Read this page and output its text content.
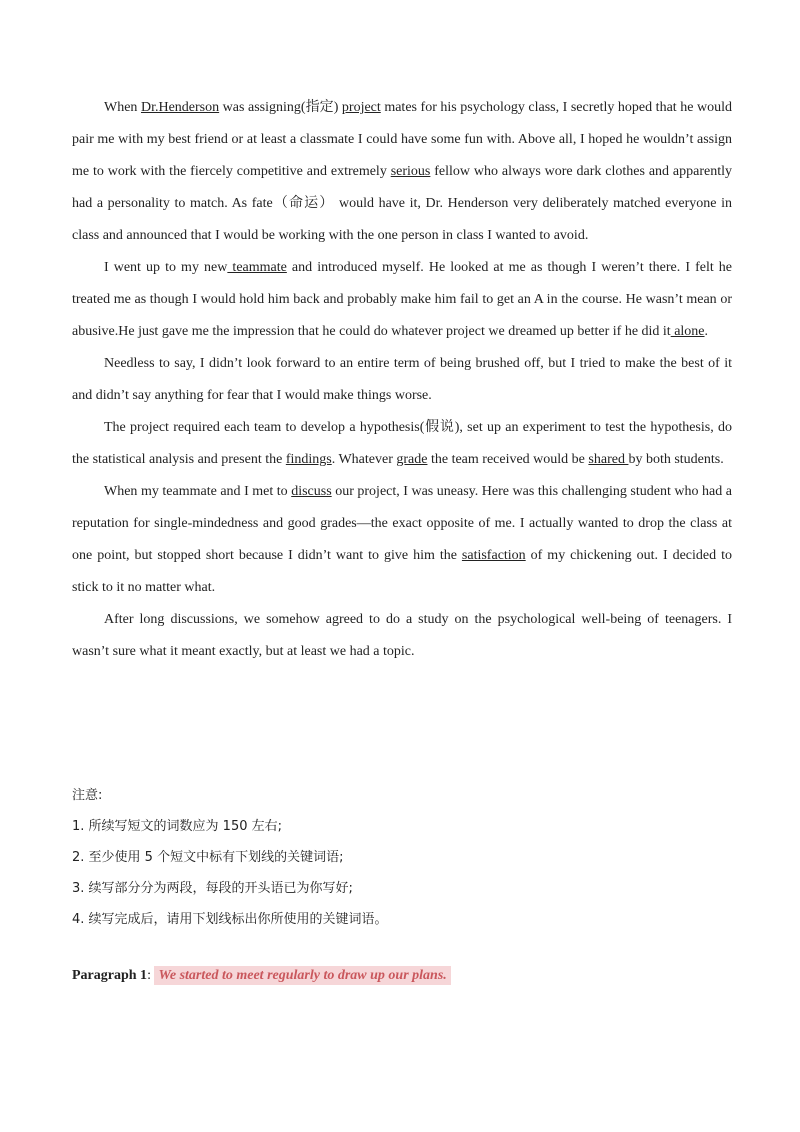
When Dr.Henderson was assigning(指定) project mates for his psychology class, I secretly hoped that he would pair me with my best friend or at least a classmate I could have some fun with. Above all, I hoped he wouldn’t assign me to work with the fiercely competitive and extremely serious fellow who always wore dark clothes and apparently had a personality to match. As fate（命运） would have it, Dr. Henderson very deliberately matched everyone in class and announced that I would be working with the one person in class I wanted to avoid.

I went up to my new teammate and introduced myself. He looked at me as though I weren’t there. I felt he treated me as though I would hold him back and probably make him fail to get an A in the course. He wasn’t mean or abusive.He just gave me the impression that he could do whatever project we dreamed up better if he did it alone.

Needless to say, I didn’t look forward to an entire term of being brushed off, but I tried to make the best of it and didn’t say anything for fear that I would make things worse.

The project required each team to develop a hypothesis(假说), set up an experiment to test the hypothesis, do the statistical analysis and present the findings. Whatever grade the team received would be shared by both students.

When my teammate and I met to discuss our project, I was uneasy. Here was this challenging student who had a reputation for single-mindedness and good grades—the exact opposite of me. I actually wanted to drop the class at one point, but stopped short because I didn’t want to give him the satisfaction of my chickening out. I decided to stick to it no matter what.

After long discussions, we somehow agreed to do a study on the psychological well-being of teenagers. I wasn’t sure what it meant exactly, but at least we had a topic.

注意:

1. 所续写短文的词数应为 150 左右;

2. 至少使用 5 个短文中标有下划线的关键词语;

3. 续写部分分为两段，每段的开头语已为你写好;

4. 续写完成后，请用下划线标出你所使用的关键词语。

Paragraph 1: We started to meet regularly to draw up our plans.
